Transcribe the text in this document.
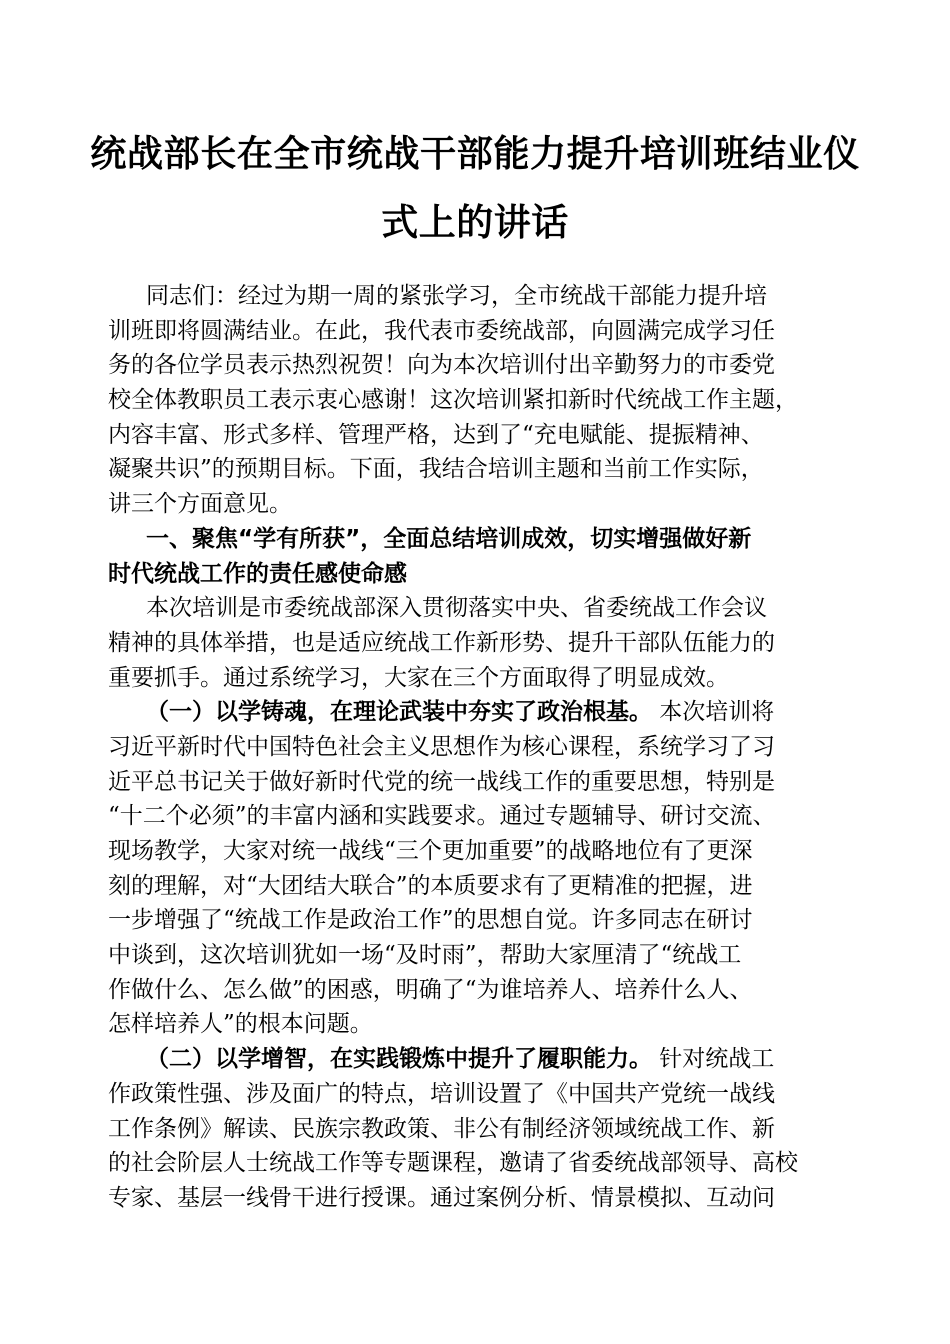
统战部长在全市统战干部能力提升培训班结业仪
式上的讲话
同志们：经过为期一周的紧张学习，全市统战干部能力提升培
训班即将圆满结业。在此，我代表市委统战部，向圆满完成学习任
务的各位学员表示热烈祝贺！向为本次培训付出辛勤努力的市委党
校全体教职员工表示衷心感谢！这次培训紧扣新时代统战工作主题，
内容丰富、形式多样、管理严格，达到了“充电赋能、提振精神、
凝聚共识”的预期目标。下面，我结合培训主题和当前工作实际，
讲三个方面意见。
一、聚焦“学有所获”，全面总结培训成效，切实增强做好新
时代统战工作的责任感使命感
本次培训是市委统战部深入贯彻落实中央、省委统战工作会议
精神的具体举措，也是适应统战工作新形势、提升干部队伍能力的
重要抓手。通过系统学习，大家在三个方面取得了明显成效。
（一）以学铸魂，在理论武装中夯实了政治根基。 本次培训将
习近平新时代中国特色社会主义思想作为核心课程，系统学习了习
近平总书记关于做好新时代党的统一战线工作的重要思想，特别是
“十二个必须”的丰富内涵和实践要求。通过专题辅导、研讨交流、
现场教学，大家对统一战线“三个更加重要”的战略地位有了更深
刻的理解，对“大团结大联合”的本质要求有了更精准的把握，进
一步增强了“统战工作是政治工作”的思想自觉。许多同志在研讨
中谈到，这次培训犹如一场“及时雨”，帮助大家厘清了“统战工
作做什么、怎么做”的困惑，明确了“为谁培养人、培养什么人、
怎样培养人”的根本问题。
（二）以学增智，在实践锻炼中提升了履职能力。 针对统战工
作政策性强、涉及面广的特点，培训设置了《中国共产党统一战线
工作条例》解读、民族宗教政策、非公有制经济领域统战工作、新
的社会阶层人士统战工作等专题课程，邀请了省委统战部领导、高校
专家、基层一线骨干进行授课。通过案例分析、情景模拟、互动问
